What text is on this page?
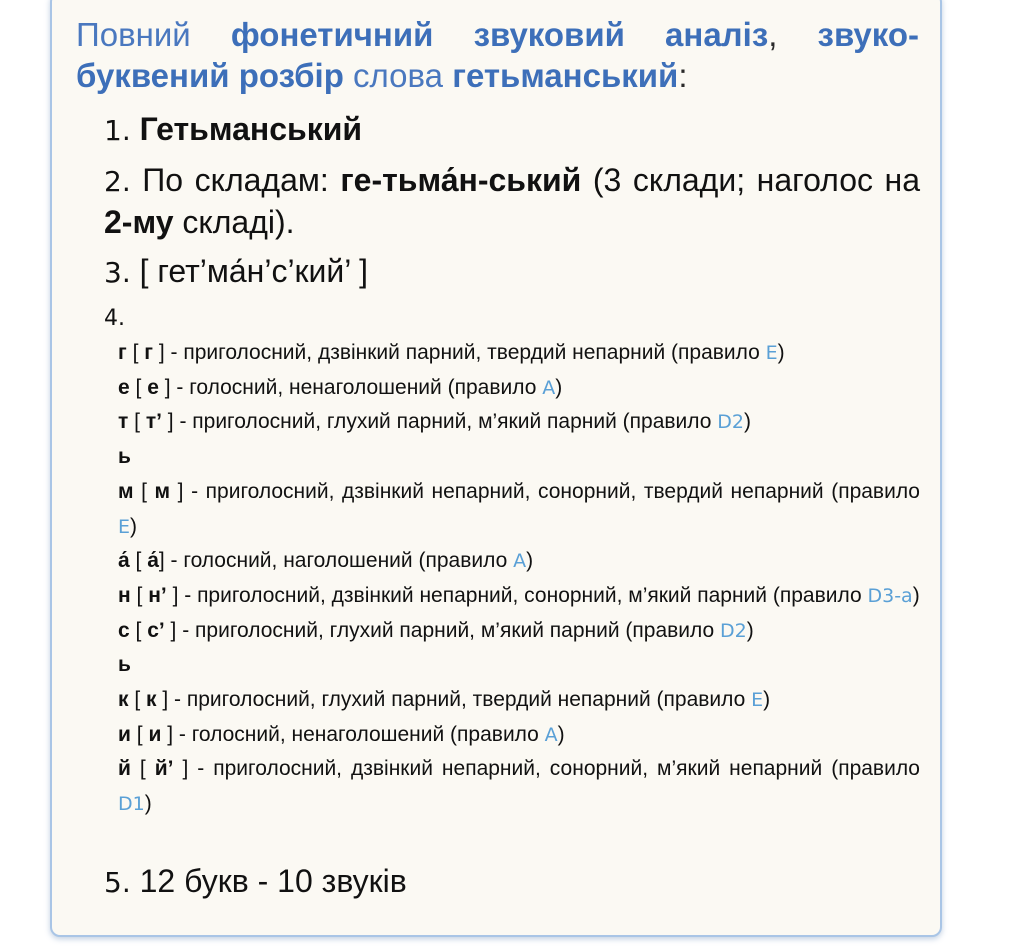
Повний фонетичний звуковий аналіз, звуко-буквений розбір слова гетьманський:

1. Гетьманський

2. По складам: ге-тьма́н-ський (3 склади; наголос на 2-му складі).

3. [ гет’ма́н’с’кий’ ]

4.
г [ г ] - приголосний, дзвінкий парний, твердий непарний (правило E)
е [ е ] - голосний, ненаголошений (правило A)
т [ т’ ] - приголосний, глухий парний, м’який парний (правило D2)
ь
м [ м ] - приголосний, дзвінкий непарний, сонорний, твердий непарний (правило E)
а́ [ а́] - голосний, наголошений (правило A)
н [ н’ ] - приголосний, дзвінкий непарний, сонорний, м’який парний (правило D3-a)
с [ с’ ] - приголосний, глухий парний, м’який парний (правило D2)
ь
к [ к ] - приголосний, глухий парний, твердий непарний (правило E)
и [ и ] - голосний, ненаголошений (правило A)
й [ й’ ] - приголосний, дзвінкий непарний, сонорний, м’який непарний (правило D1)

5. 12 букв - 10 звуків
